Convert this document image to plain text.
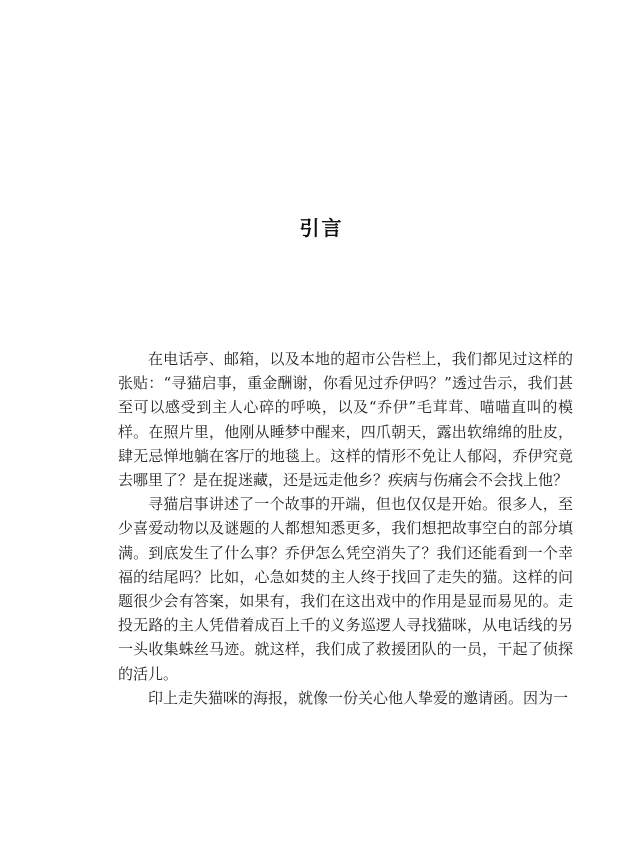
引言

在电话亭、邮箱，以及本地的超市公告栏上，我们都见过这样的张贴：“寻猫启事，重金酬谢，你看见过乔伊吗？”透过告示，我们甚至可以感受到主人心碎的呼唤，以及“乔伊”毛茸茸、喵喵直叫的模样。在照片里，他刚从睡梦中醒来，四爪朝天，露出软绵绵的肚皮，肆无忌惮地躺在客厅的地毯上。这样的情形不免让人郁闷，乔伊究竟去哪里了？是在捉迷藏，还是远走他乡？疾病与伤痛会不会找上他？

寻猫启事讲述了一个故事的开端，但也仅仅是开始。很多人，至少喜爱动物以及谜题的人都想知悉更多，我们想把故事空白的部分填满。到底发生了什么事？乔伊怎么凭空消失了？我们还能看到一个幸福的结尾吗？比如，心急如焚的主人终于找回了走失的猫。这样的问题很少会有答案，如果有，我们在这出戏中的作用是显而易见的。走投无路的主人凭借着成百上千的义务巡逻人寻找猫咪，从电话线的另一头收集蛛丝马迹。就这样，我们成了救援团队的一员，干起了侦探的活儿。

印上走失猫咪的海报，就像一份关心他人挚爱的邀请函。因为一
